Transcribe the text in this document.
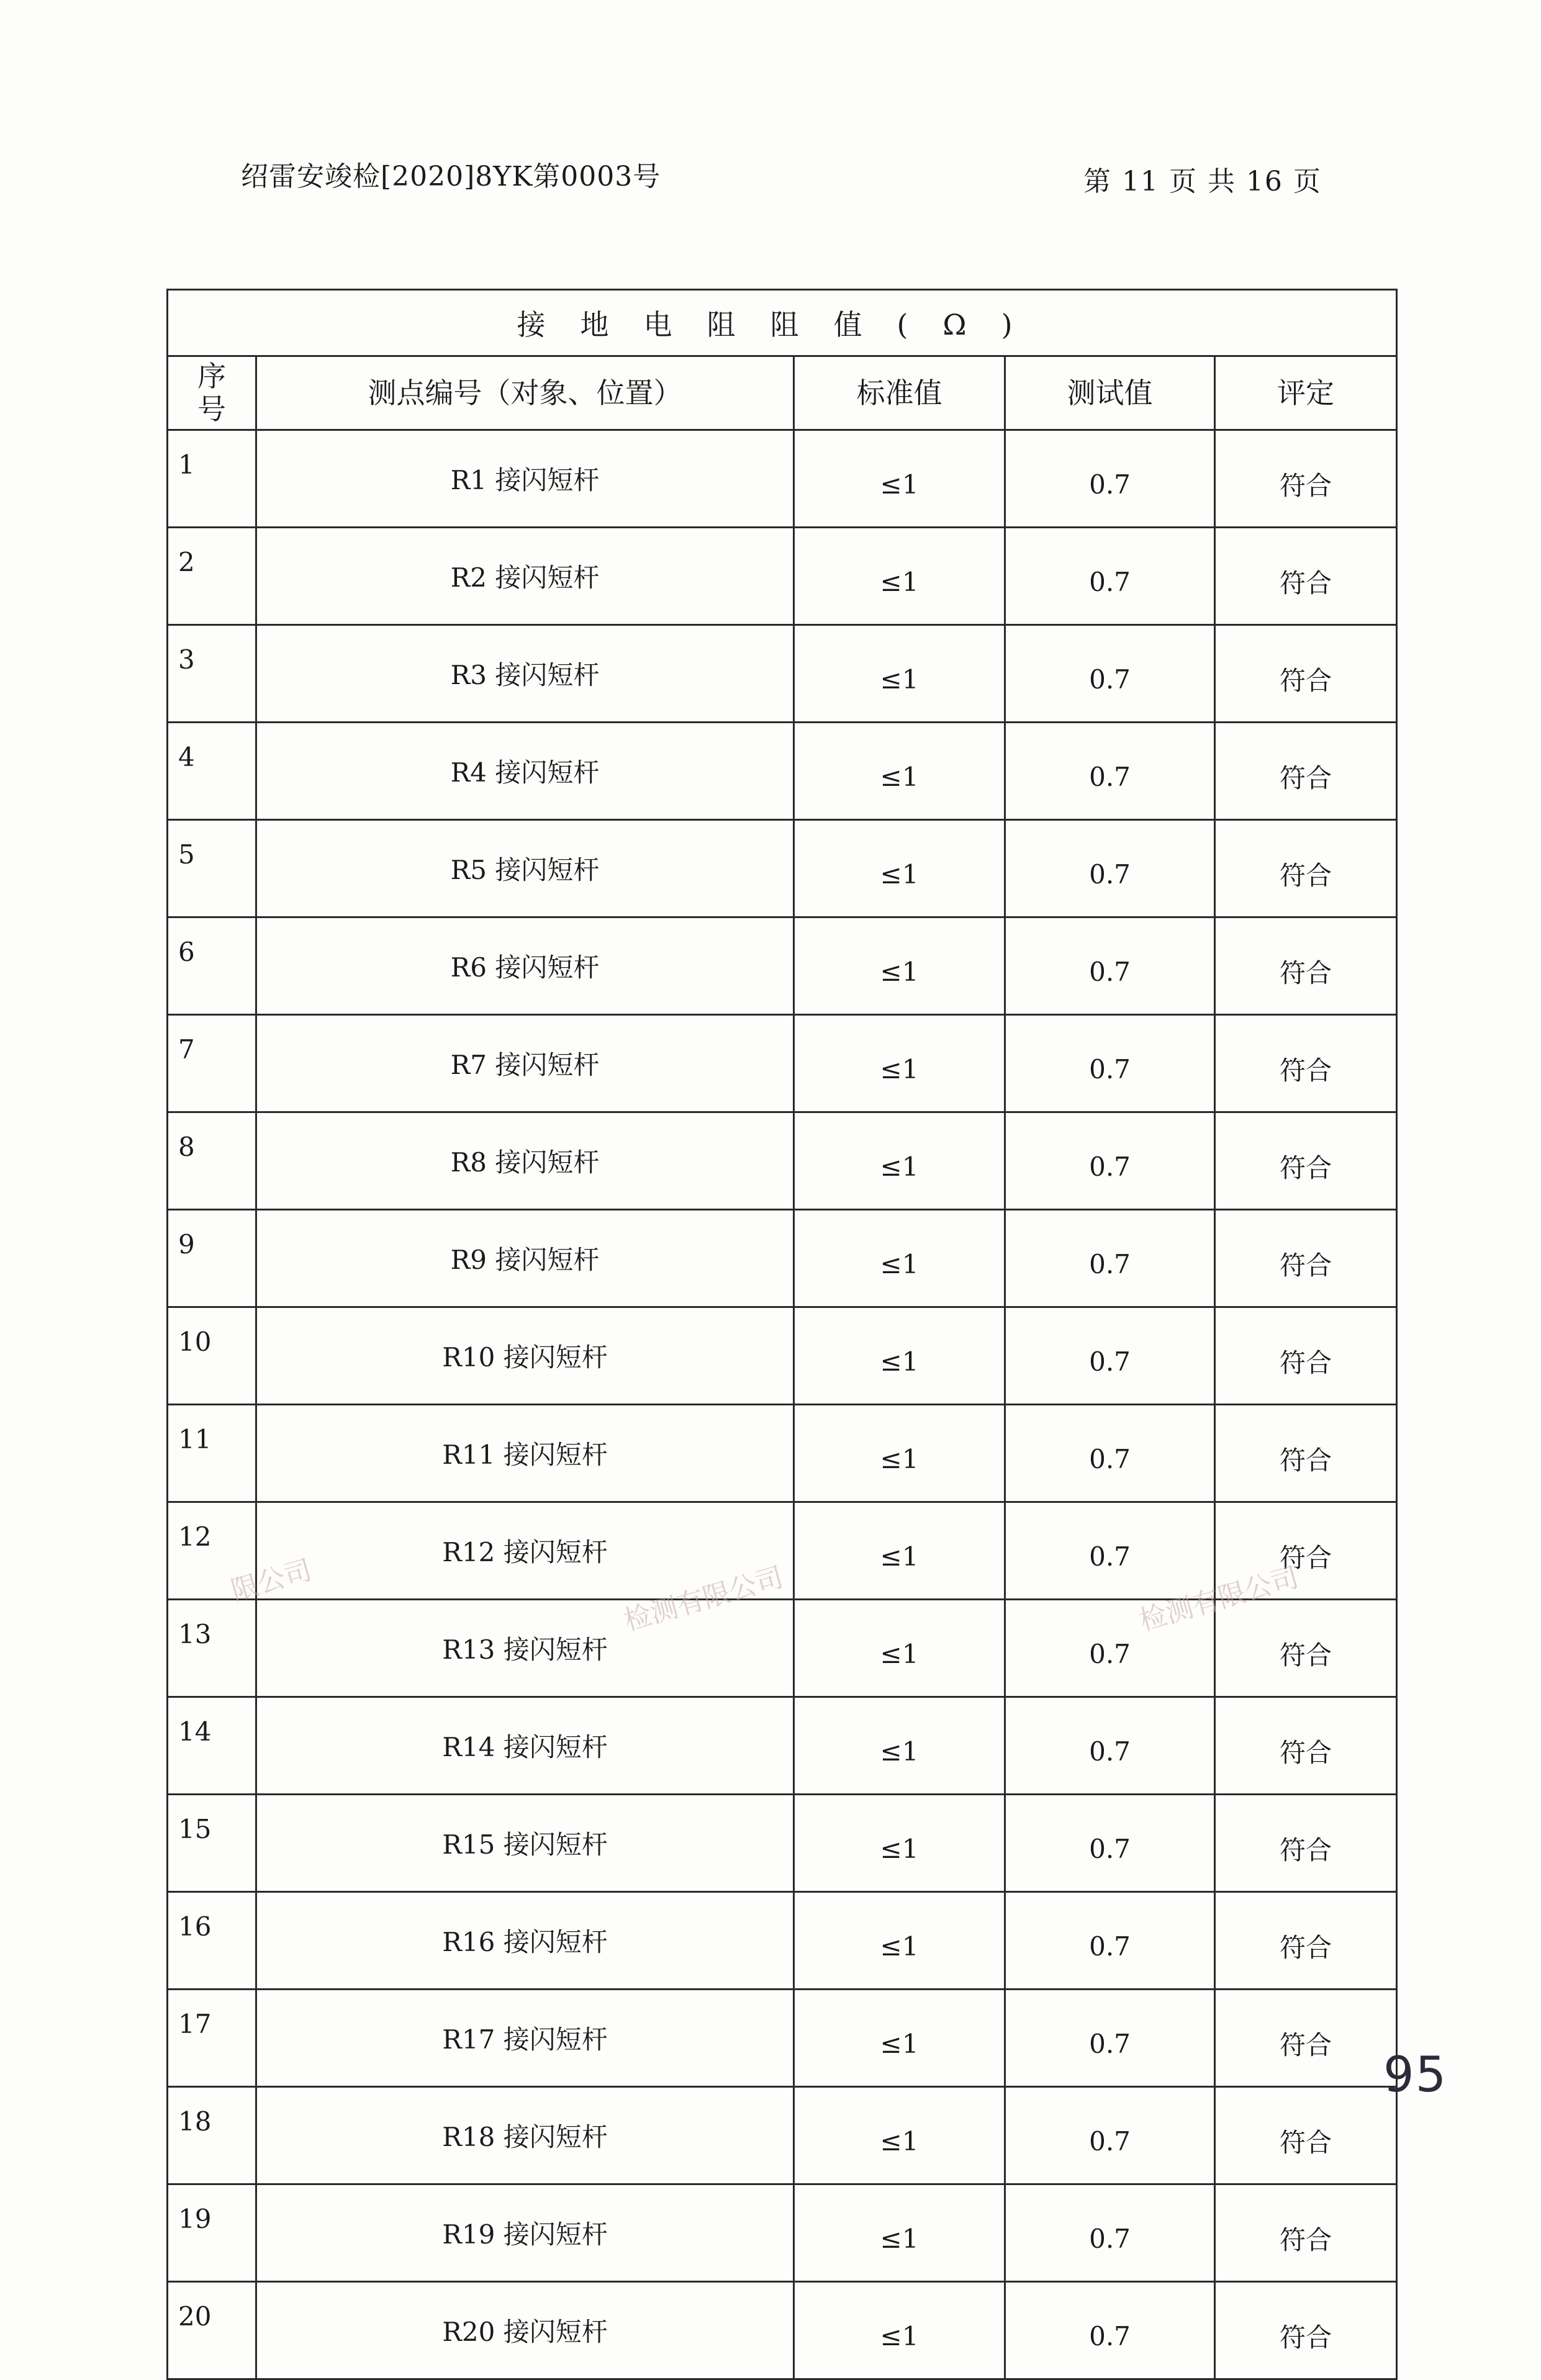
绍雷安竣检[2020]8YK第0003号	第 11 页 共 16 页
接地电阻阻值(Ω)				

序
号	测点编号（对象、位置）	标准值	测试值	评定
1	R1 接闪短杆	≤1	0.7	符合
2	R2 接闪短杆	≤1	0.7	符合
3	R3 接闪短杆	≤1	0.7	符合
4	R4 接闪短杆	≤1	0.7	符合
5	R5 接闪短杆	≤1	0.7	符合
6	R6 接闪短杆	≤1	0.7	符合
7	R7 接闪短杆	≤1	0.7	符合
8	R8 接闪短杆	≤1	0.7	符合
9	R9 接闪短杆	≤1	0.7	符合
10	R10 接闪短杆	≤1	0.7	符合
11	R11 接闪短杆	≤1	0.7	符合
12	R12 接闪短杆	≤1	0.7	符合
13	R13 接闪短杆	≤1	0.7	符合
14	R14 接闪短杆	≤1	0.7	符合
15	R15 接闪短杆	≤1	0.7	符合
16	R16 接闪短杆	≤1	0.7	符合
17	R17 接闪短杆	≤1	0.7	符合
18	R18 接闪短杆	≤1	0.7	符合
19	R19 接闪短杆	≤1	0.7	符合
20	R20 接闪短杆	≤1	0.7	符合
限公司	检测有限公司	检测有限公司
95
